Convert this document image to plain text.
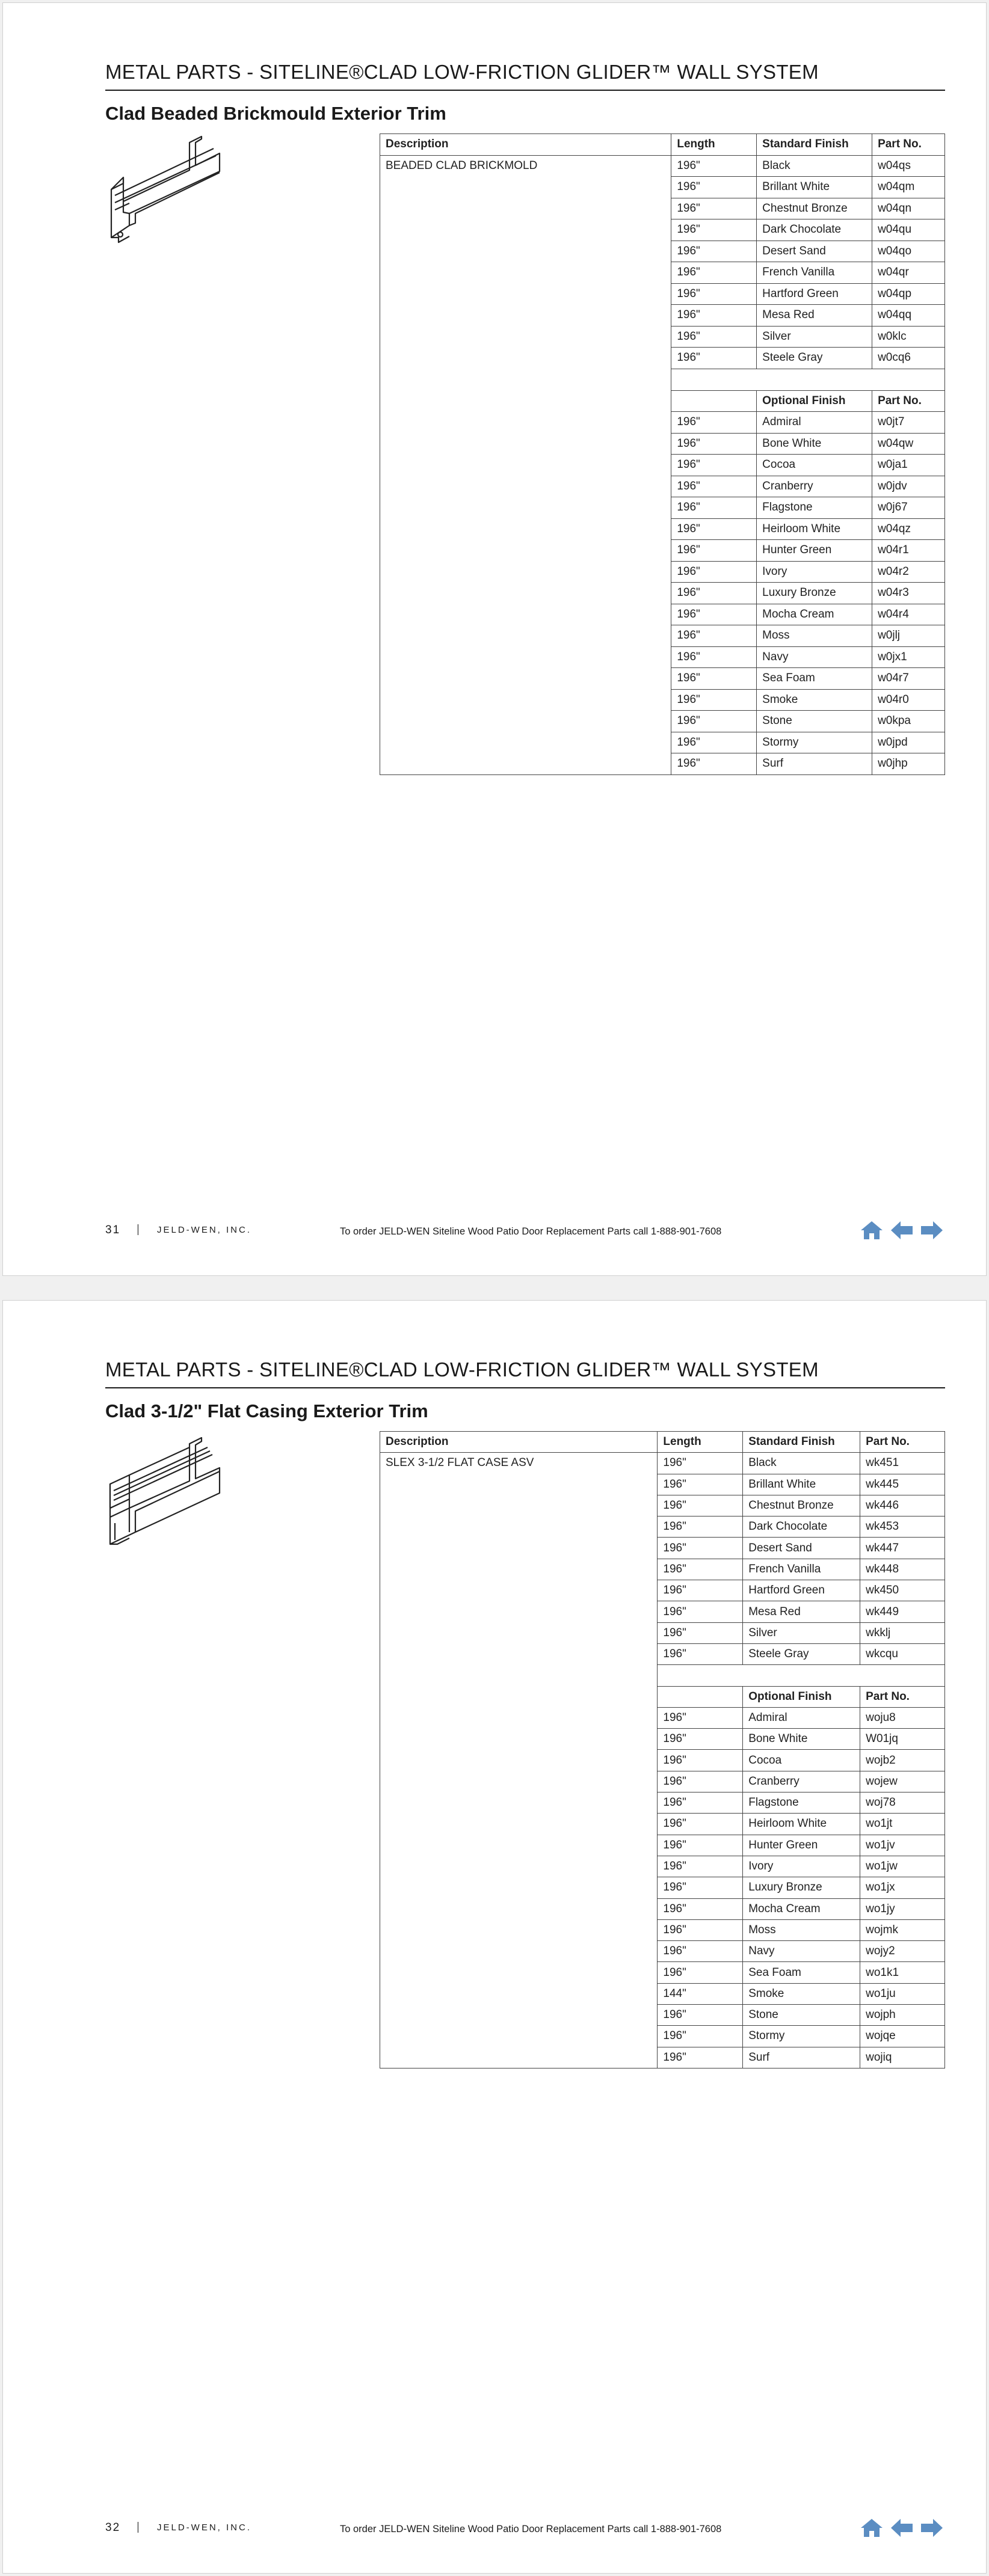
METAL PARTS - SITELINE®CLAD LOW-FRICTION GLIDER™ WALL SYSTEM
Clad Beaded Brickmould Exterior Trim
Description	Length	Standard Finish	Part No.
BEADED CLAD BRICKMOLD	196"	Black	w04qs
	196"	Brillant White	w04qm
	196"	Chestnut Bronze	w04qn
	196"	Dark Chocolate	w04qu
	196"	Desert Sand	w04qo
	196"	French Vanilla	w04qr
	196"	Hartford Green	w04qp
	196"	Mesa Red	w04qq
	196"	Silver	w0klc
	196"	Steele Gray	w0cq6

		Optional Finish	Part No.
	196"	Admiral	w0jt7
	196"	Bone White	w04qw
	196"	Cocoa	w0ja1
	196"	Cranberry	w0jdv
	196"	Flagstone	w0j67
	196"	Heirloom White	w04qz
	196"	Hunter Green	w04r1
	196"	Ivory	w04r2
	196"	Luxury Bronze	w04r3
	196"	Mocha Cream	w04r4
	196"	Moss	w0jlj
	196"	Navy	w0jx1
	196"	Sea Foam	w04r7
	196"	Smoke	w04r0
	196"	Stone	w0kpa
	196"	Stormy	w0jpd
	196"	Surf	w0jhp
31 | JELD-WEN, INC.	To order JELD-WEN Siteline Wood Patio Door Replacement Parts call 1-888-901-7608
METAL PARTS - SITELINE®CLAD LOW-FRICTION GLIDER™ WALL SYSTEM
Clad 3-1/2" Flat Casing Exterior Trim
Description	Length	Standard Finish	Part No.
SLEX 3-1/2 FLAT CASE ASV	196"	Black	wk451
	196"	Brillant White	wk445
	196"	Chestnut Bronze	wk446
	196"	Dark Chocolate	wk453
	196"	Desert Sand	wk447
	196"	French Vanilla	wk448
	196"	Hartford Green	wk450
	196"	Mesa Red	wk449
	196"	Silver	wkklj
	196"	Steele Gray	wkcqu

		Optional Finish	Part No.
	196"	Admiral	woju8
	196"	Bone White	W01jq
	196"	Cocoa	wojb2
	196"	Cranberry	wojew
	196"	Flagstone	woj78
	196"	Heirloom White	wo1jt
	196"	Hunter Green	wo1jv
	196"	Ivory	wo1jw
	196"	Luxury Bronze	wo1jx
	196"	Mocha Cream	wo1jy
	196"	Moss	wojmk
	196"	Navy	wojy2
	196"	Sea Foam	wo1k1
	144"	Smoke	wo1ju
	196"	Stone	wojph
	196"	Stormy	wojqe
	196"	Surf	wojiq
32 | JELD-WEN, INC.	To order JELD-WEN Siteline Wood Patio Door Replacement Parts call 1-888-901-7608
